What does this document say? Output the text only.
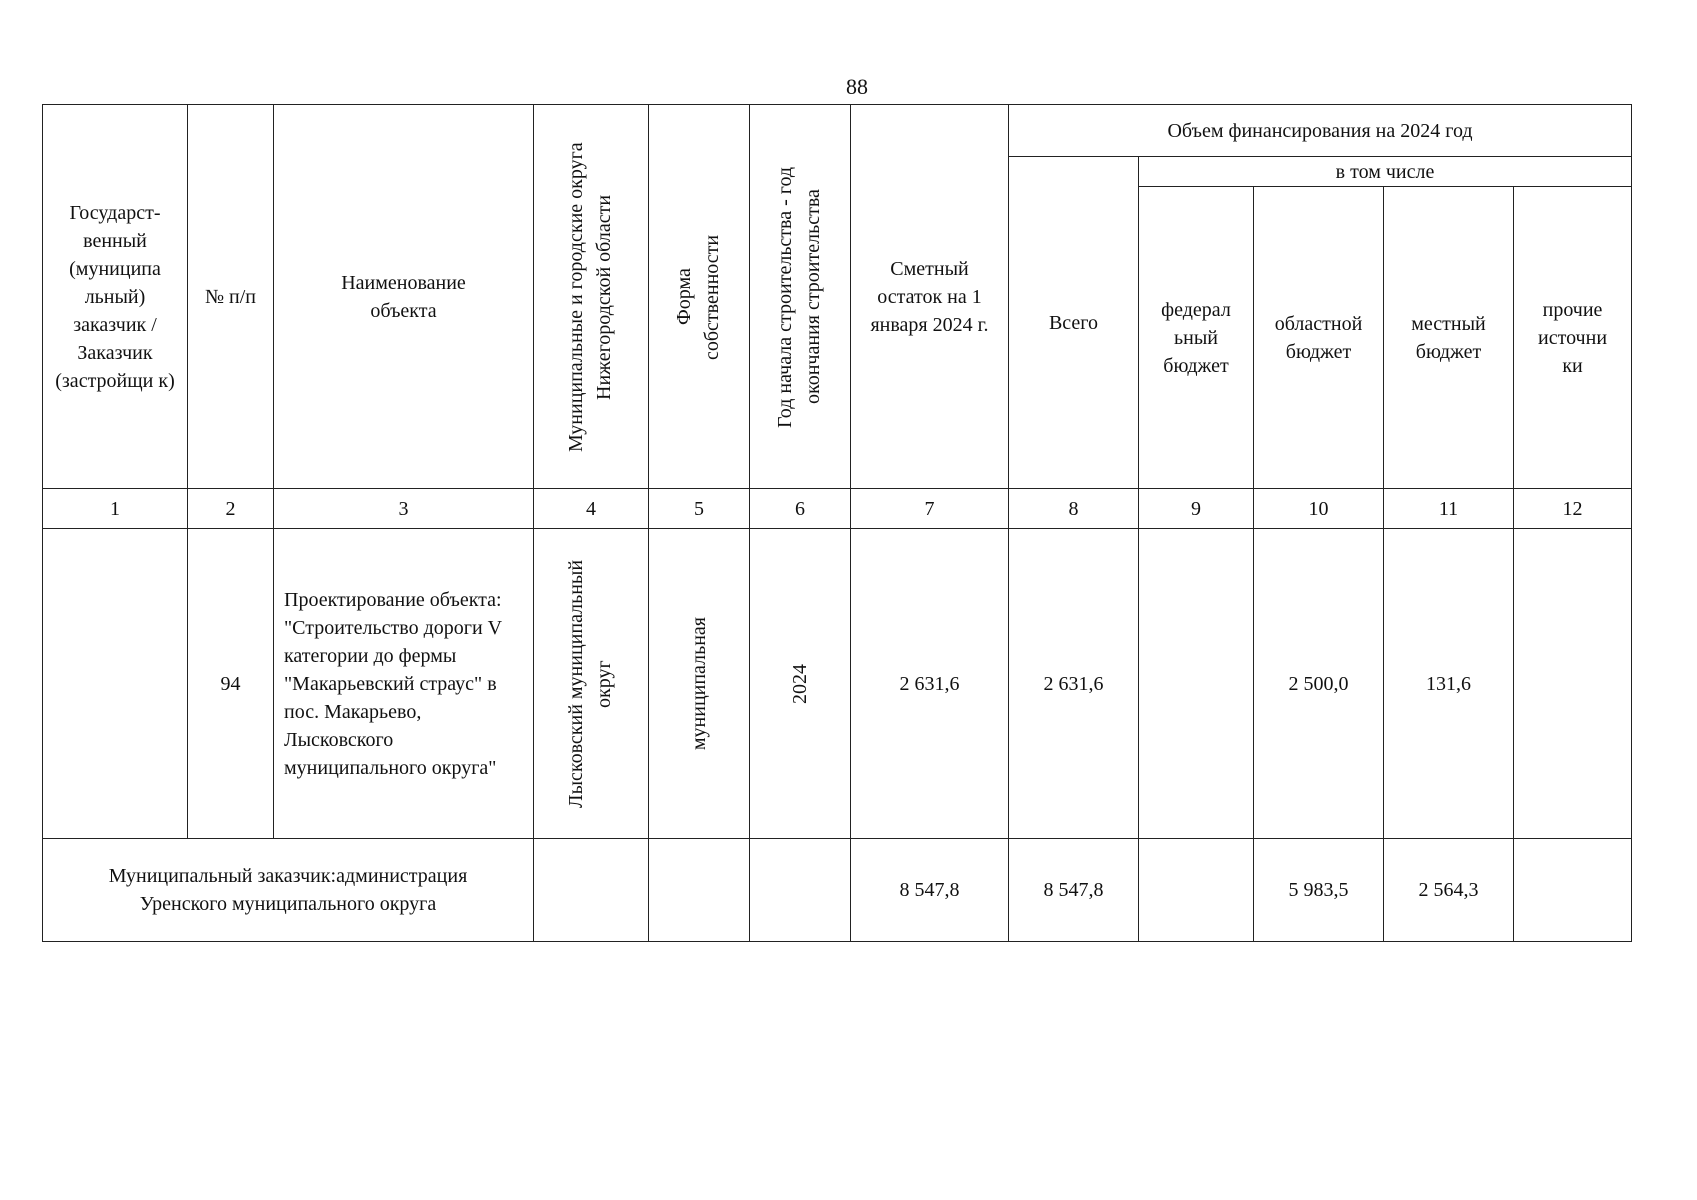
88
Государст-венный (муниципа льный) заказчик / Заказчик (застройщи к)	№ п/п	Наименование объекта	Муниципальные и городские округа Нижегородской области	Форма собственности	Год начала строительства - год окончания строительства	Сметный остаток на 1 января 2024 г.	Объем финансирования на 2024 год				
							Всего	в том числе			

								федерал ьный бюджет	областной бюджет	местный бюджет	прочие источни ки

1	2	3	4	5	6	7	8	9	10	11	12
	94	Проектирование объекта: "Строительство дороги V категории до фермы "Макарьевский страус" в пос. Макарьево, Лысковского муниципального округа"	Лысковский муниципальный округ	муниципальная	2024	2 631,6	2 631,6		2 500,0	131,6	

Муниципальный заказчик:администрация Уренского муниципального округа						8 547,8	8 547,8		5 983,5	2 564,3	
